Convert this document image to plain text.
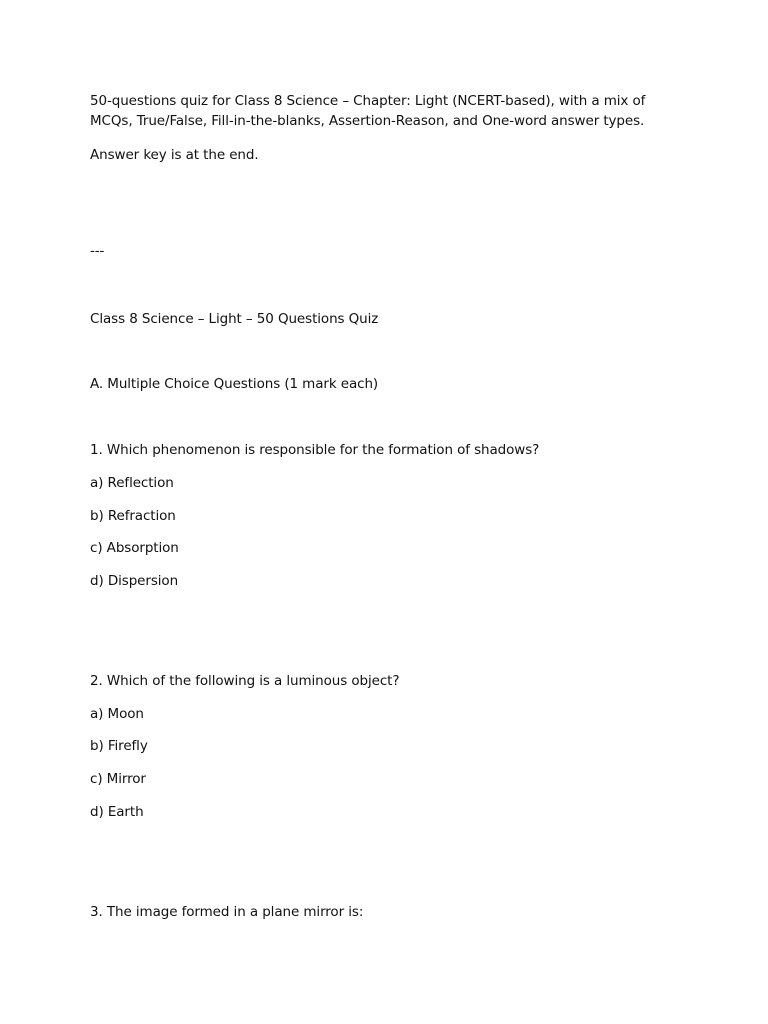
50-questions quiz for Class 8 Science – Chapter: Light (NCERT-based), with a mix of
MCQs, True/False, Fill-in-the-blanks, Assertion-Reason, and One-word answer types.
Answer key is at the end.
---
Class 8 Science – Light – 50 Questions Quiz
A. Multiple Choice Questions (1 mark each)
1. Which phenomenon is responsible for the formation of shadows?
a) Reflection
b) Refraction
c) Absorption
d) Dispersion
2. Which of the following is a luminous object?
a) Moon
b) Firefly
c) Mirror
d) Earth
3. The image formed in a plane mirror is:
